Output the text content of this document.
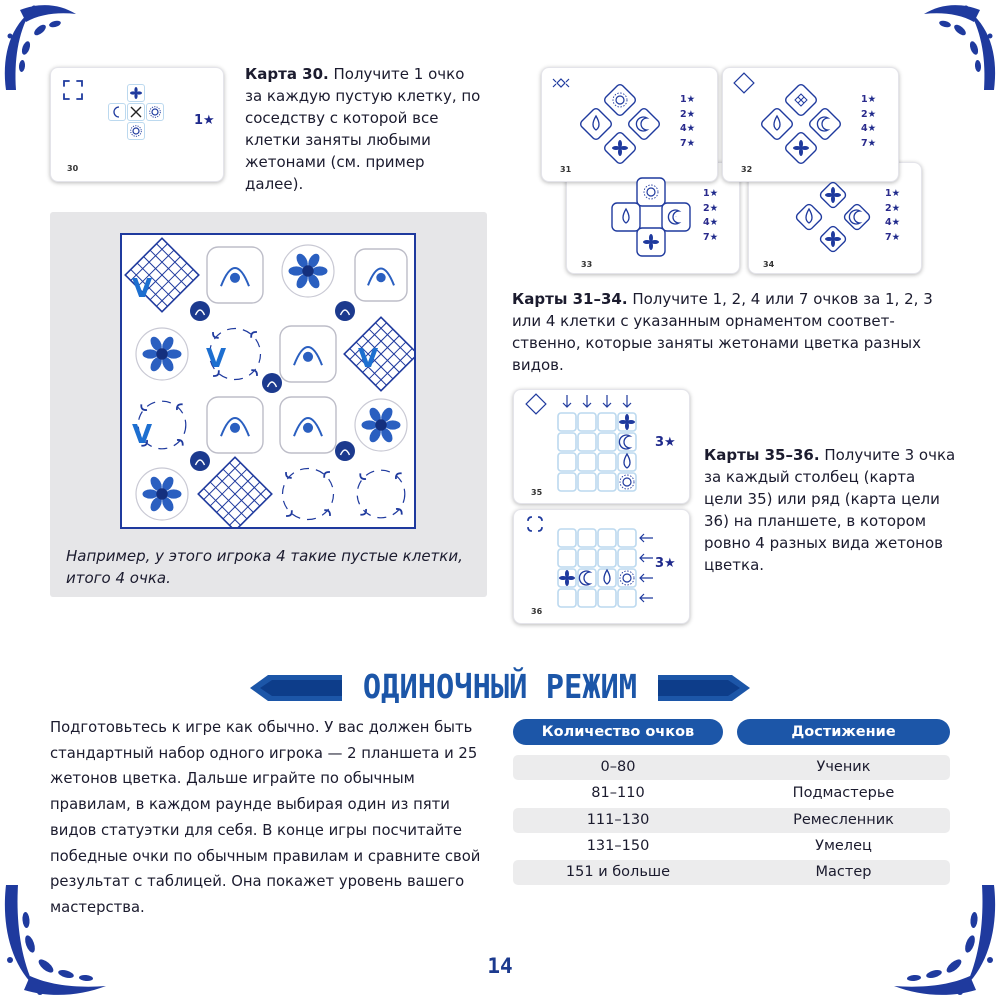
1★
30
Карта 30. Получите 1 очко за каждую пустую клетку, по соседству с которой все клетки заняты любыми жетонами (см. пример далее).
V
V	V
V
Например, у этого игрока 4 такие пустые клетки, итого 4 очка.
31	32
33	34
1★
2★
4★
7★
1★
2★
4★
7★
1★
2★
4★
7★
1★
2★
4★
7★
Карты 31–34. Получите 1, 2, 4 или 7 очков за 1, 2, 3 или 4 клетки с указанным орнаментом соответственно, которые заняты жетонами цветка разных видов.
3★
3★
35
36
Карты 35–36. Получите 3 очка за каждый столбец (карта цели 35) или ряд (карта цели 36) на планшете, в котором ровно 4 разных вида жетонов цветка.
ОДИНОЧНЫЙ РЕЖИМ
Подготовьтесь к игре как обычно. У вас должен быть стандартный набор одного игрока — 2 планшета и 25 жетонов цветка. Дальше играйте по обычным правилам, в каждом раунде выбирая один из пяти видов статуэтки для себя. В конце игры посчитайте победные очки по обычным правилам и сравните свой результат с таблицей. Она покажет уровень вашего мастерства.
Количество очков	Достижение
0–80	Ученик
81–110	Подмастерье
111–130	Ремесленник
131–150	Умелец
151 и больше	Мастер
14
